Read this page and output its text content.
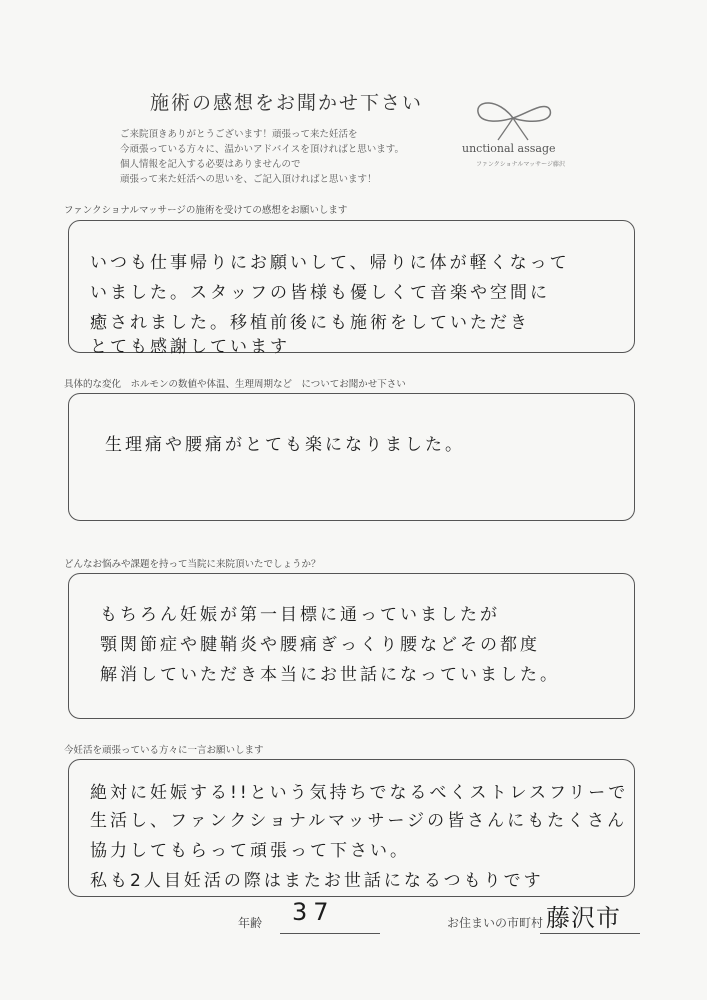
施術の感想をお聞かせ下さい
ご来院頂きありがとうございます！頑張って来た妊活を
今頑張っている方々に、温かいアドバイスを頂ければと思います。
個人情報を記入する必要はありませんので
頑張って来た妊活への思いを、ご記入頂ければと思います！
unctional assage
ファンクショナルマッサージ藤沢
ファンクショナルマッサージの施術を受けての感想をお願いします
いつも仕事帰りにお願いして、帰りに体が軽くなって
いました。スタッフの皆様も優しくて音楽や空間に
癒されました。移植前後にも施術をしていただき
とても感謝しています
具体的な変化　ホルモンの数値や体温、生理周期など　についてお聞かせ下さい
生理痛や腰痛がとても楽になりました。
どんなお悩みや課題を持って当院に来院頂いたでしょうか？
もちろん妊娠が第一目標に通っていましたが
顎関節症や腱鞘炎や腰痛ぎっくり腰などその都度
解消していただき本当にお世話になっていました。
今妊活を頑張っている方々に一言お願いします
絶対に妊娠する!!という気持ちでなるべくストレスフリーで
生活し、ファンクショナルマッサージの皆さんにもたくさん
協力してもらって頑張って下さい。
私も2人目妊活の際はまたお世話になるつもりです
年齢 37	お住まいの市町村 藤沢市
